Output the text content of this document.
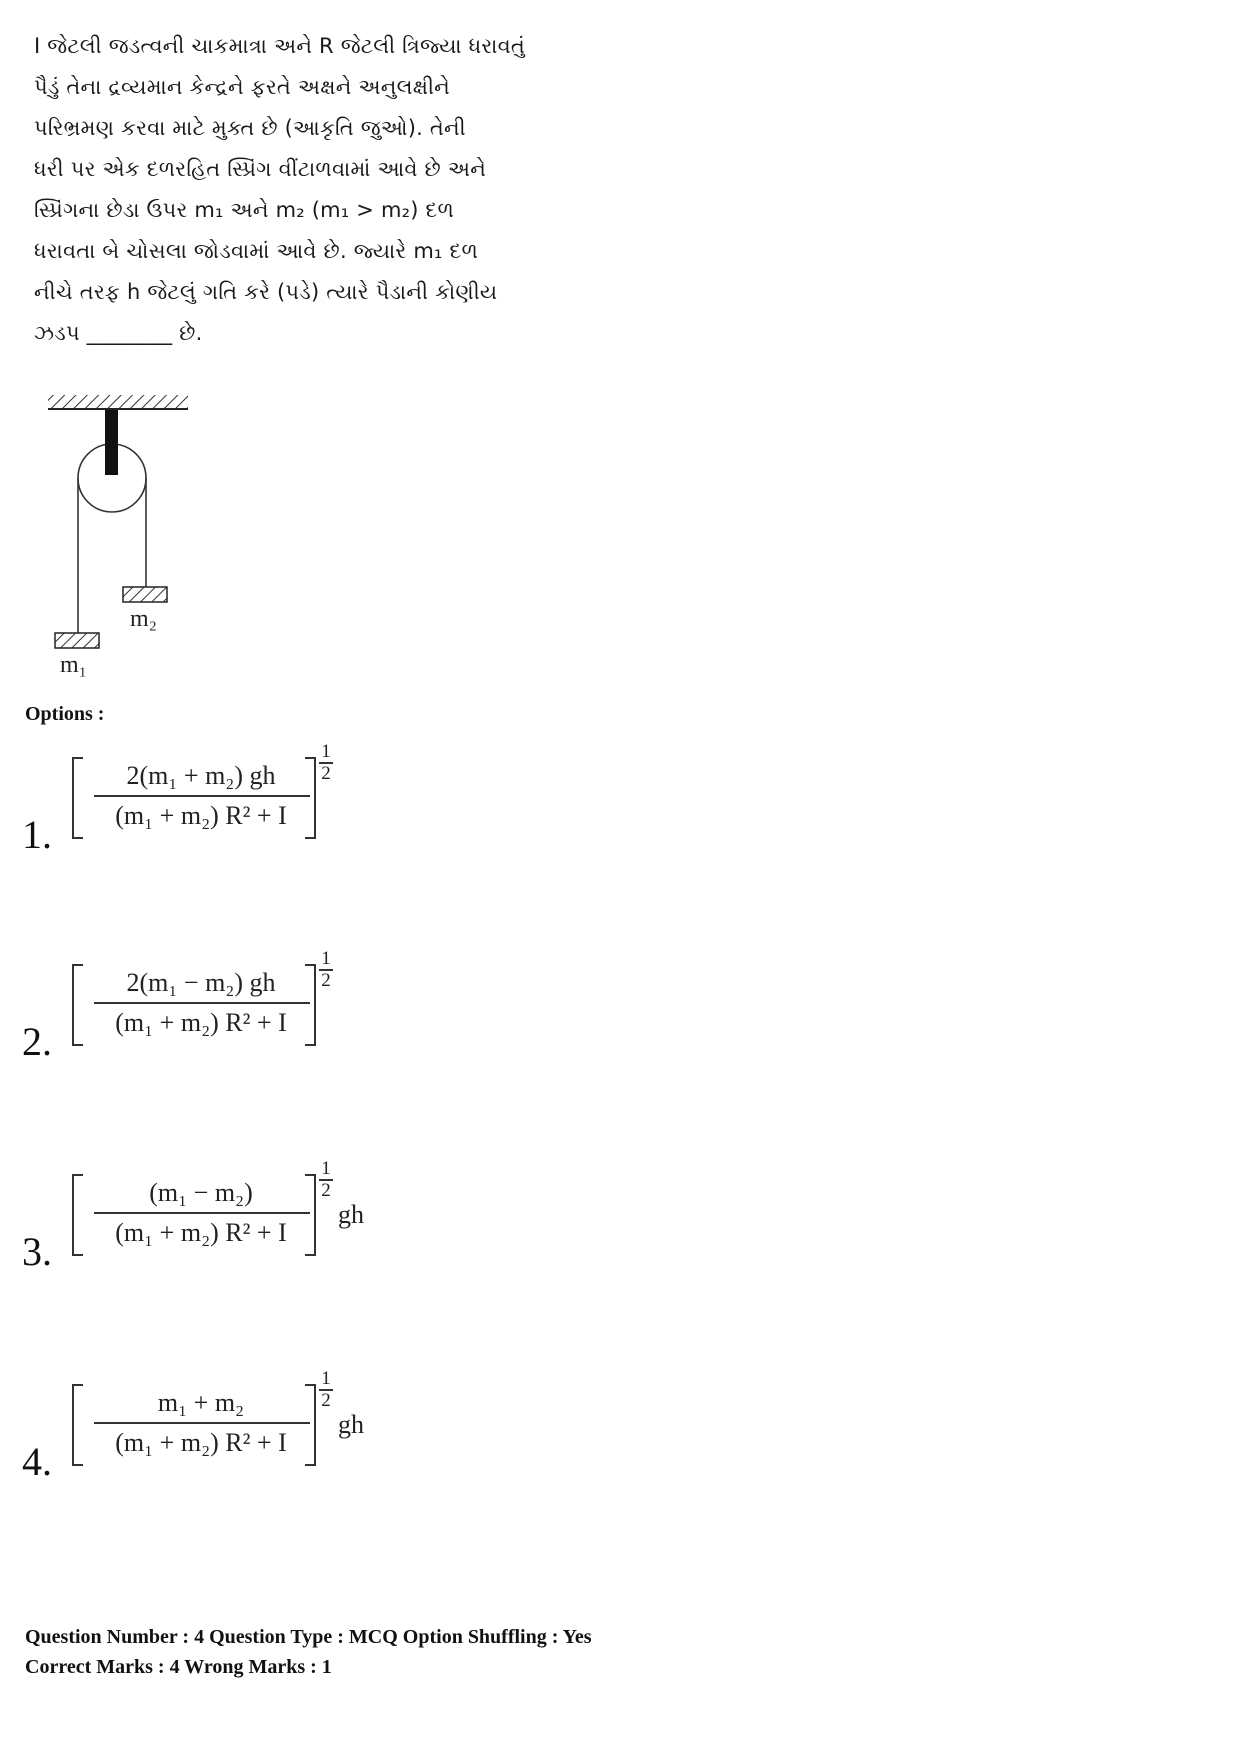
I જેટલી જડત્વની ચાકમાત્રા અને R જેટલી ત્રિજ્યા ધરાવતું
પૈડું તેના દ્રવ્યમાન કેન્દ્રને ફરતે અક્ષને અનુલક્ષીને
પરિભ્રમણ કરવા માટે મુક્ત છે (આકૃતિ જુઓ). તેની
ધરી પર એક દળરહિત સ્પ્રિંગ વીંટાળવામાં આવે છે અને
સ્પ્રિંગના છેડા ઉપર m₁ અને m₂ (m₁ > m₂) દળ
ધરાવતા બે ચોસલા જોડવામાં આવે છે. જ્યારે m₁ દળ
નીચે તરફ h જેટલું ગતિ કરે (પડે) ત્યારે પૈડાની કોણીય
ઝડપ ________ છે.
m₂
m₁
Options :
1.
2(m₁ + m₂) gh
(m₁ + m₂) R² + I
1
2
2.
2(m₁ − m₂) gh
(m₁ + m₂) R² + I
1
2
3.
(m₁ − m₂)
(m₁ + m₂) R² + I
1
2
gh
4.
m₁ + m₂
(m₁ + m₂) R² + I
1
2
gh
Question Number : 4 Question Type : MCQ Option Shuffling : Yes
Correct Marks : 4 Wrong Marks : 1
